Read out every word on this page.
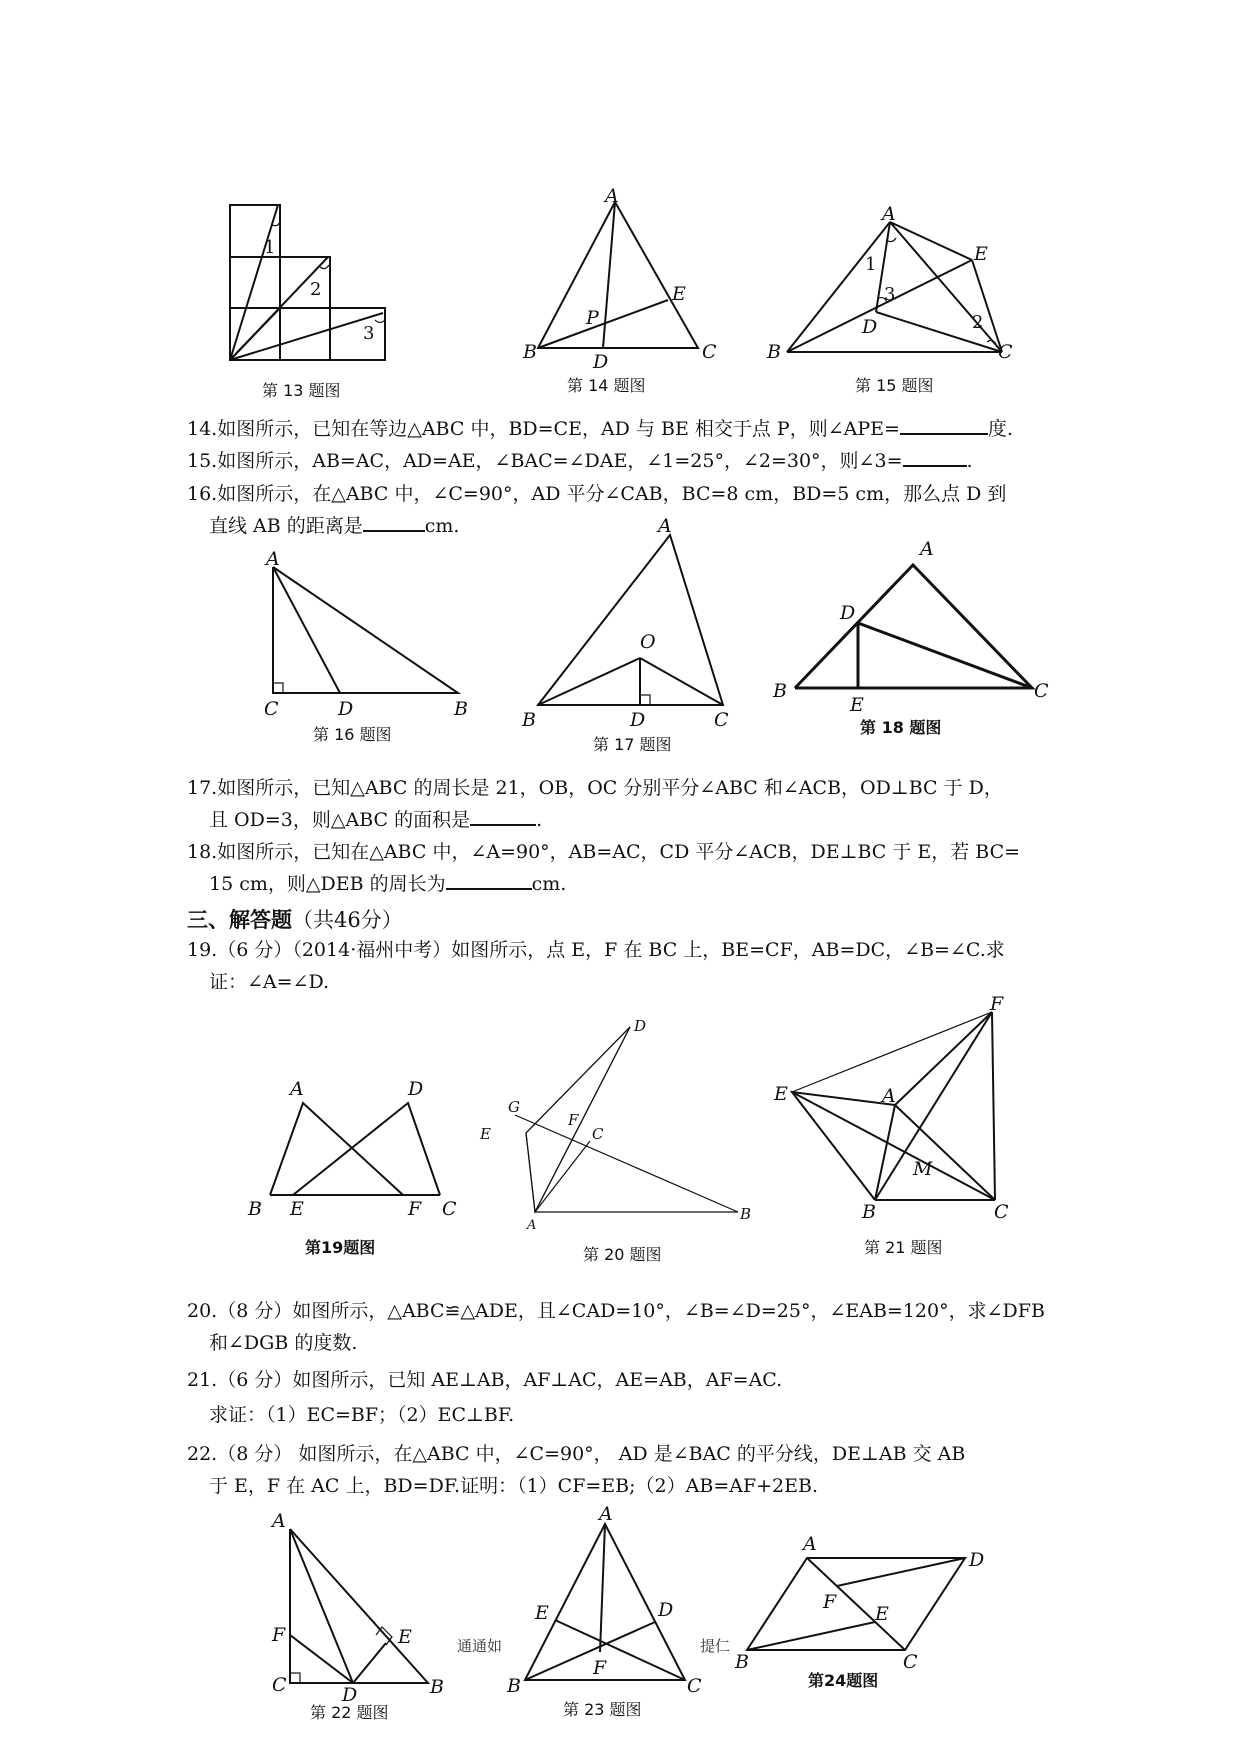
1
2
3
第 13 题图
A
B	C
D
E
P
第 14 题图
A
B	C
D
E
1
2
3
第 15 题图
14.如图所示，已知在等边△ABC 中，BD=CE，AD 与 BE 相交于点 P，则∠APE=	度.
15.如图所示，AB=AC，AD=AE，∠BAC=∠DAE，∠1=25°，∠2=30°，则∠3=	.
16.如图所示，在△ABC 中，∠C=90°，AD 平分∠CAB，BC=8 cm，BD=5 cm，那么点 D 到
直线 AB 的距离是	cm.
A
C	D	B
第 16 题图
A
O
B	D	C
第 17 题图
A
D
B
E
C
第 18 题图
17.如图所示，已知△ABC 的周长是 21，OB，OC 分别平分∠ABC 和∠ACB，OD⊥BC 于 D，
且 OD=3，则△ABC 的面积是	.
18.如图所示，已知在△ABC 中，∠A=90°，AB=AC，CD 平分∠ACB，DE⊥BC 于 E，若 BC=
15 cm，则△DEB 的周长为	cm.
三、解答题（共46分）
19.（6 分）（2014·福州中考）如图所示，点 E，F 在 BC 上，BE=CF，AB=DC，∠B=∠C.求
证：∠A=∠D.
A	D
B E	F C
第19题图
D
G
F
C
E
A
B
第 20 题图
F
E	A
M
B	C
第 21 题图
20.（8 分）如图所示，△ABC≌△ADE，且∠CAD=10°，∠B=∠D=25°，∠EAB=120°，求∠DFB
和∠DGB 的度数.
21.（6 分）如图所示，已知 AE⊥AB，AF⊥AC，AE=AB，AF=AC.
求证：（1）EC=BF；（2）EC⊥BF.
22.（8 分） 如图所示，在△ABC 中，∠C=90°， AD 是∠BAC 的平分线，DE⊥AB 交 AB
于 E，F 在 AC 上，BD=DF.证明：（1）CF=EB;（2）AB=AF+2EB.
A
F	E
C	D	B
第 22 题图
A
E	D
F
B	C
第 23 题图
A
D
F
E
B	C
第24题图
通通如	提仁
